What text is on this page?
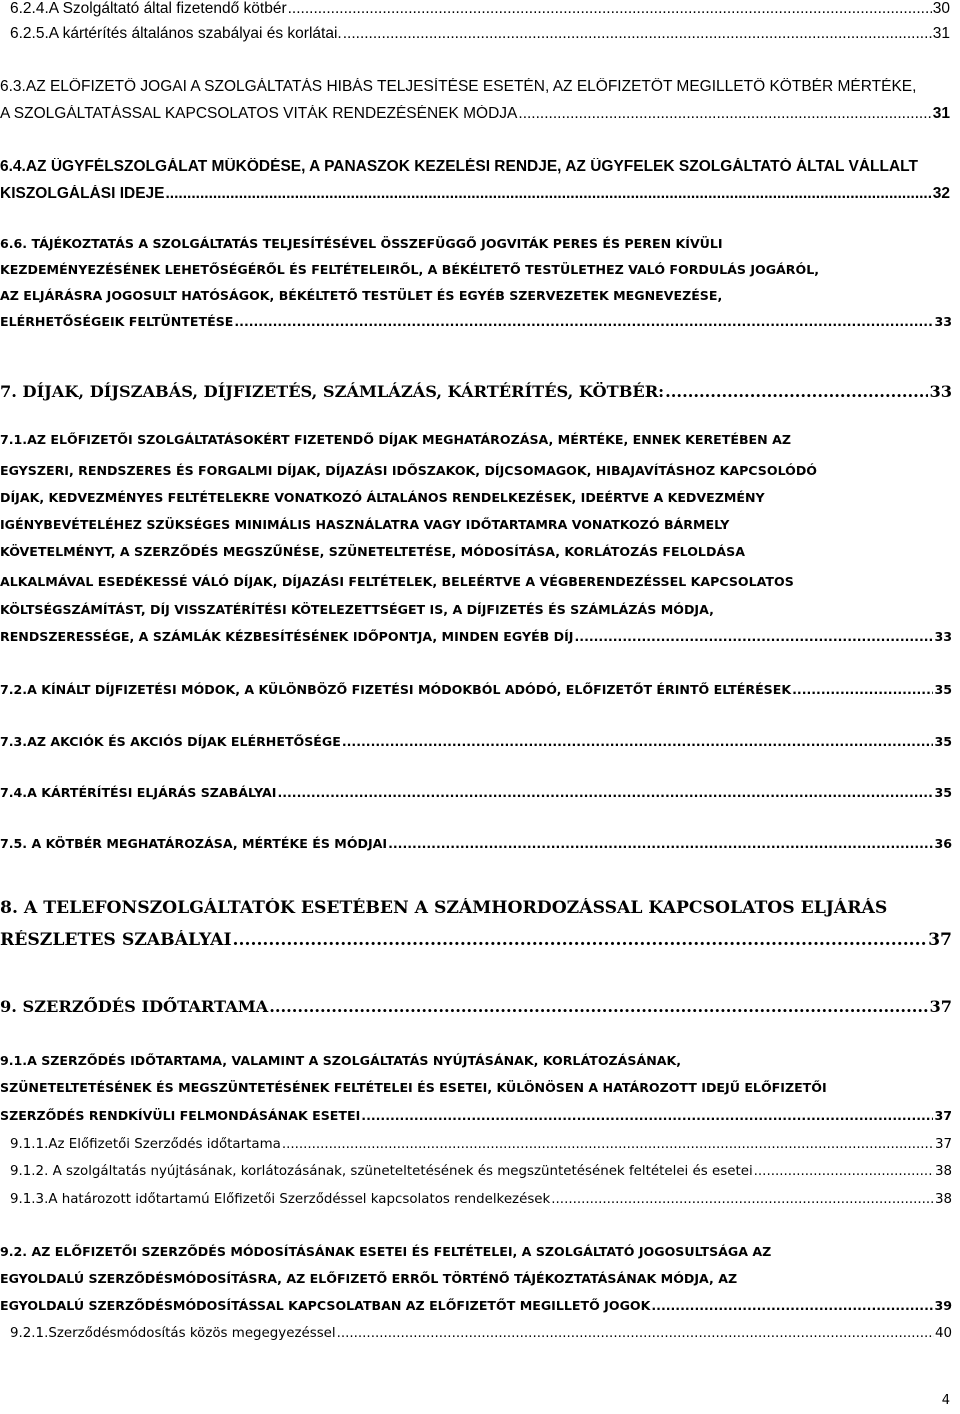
6.2.4.A Szolgáltató által fizetendő kötbér .....	30
6.2.5.A kártérítés általános szabályai és korlátai. .....	31
6.3.AZ ELŐFIZETŐ JOGAI A SZOLGÁLTATÁS HIBÁS TELJESÍTÉSE ESETÉN, AZ ELŐFIZETŐT MEGILLETŐ KÖTBÉR MÉRTÉKE,
A SZOLGÁLTATÁSSAL KAPCSOLATOS VITÁK RENDEZÉSÉNEK MÓDJA .....	31
6.4.AZ ÜGYFÉLSZOLGÁLAT MŰKÖDÉSE, A PANASZOK KEZELÉSI RENDJE, AZ ÜGYFELEK SZOLGÁLTATÓ ÁLTAL VÁLLALT
KISZOLGÁLÁSI IDEJE .....	32
6.6. TÁJÉKOZTATÁS A SZOLGÁLTATÁS TELJESÍTÉSÉVEL ÖSSZEFÜGGŐ JOGVITÁK PERES ÉS PEREN KÍVÜLI
KEZDEMÉNYEZÉSÉNEK LEHETŐSÉGÉRŐL ÉS FELTÉTELEIRŐL, A BÉKÉLTETŐ TESTÜLETHEZ VALÓ FORDULÁS JOGÁRÓL,
AZ ELJÁRÁSRA JOGOSULT HATÓSÁGOK, BÉKÉLTETŐ TESTÜLET ÉS EGYÉB SZERVEZETEK MEGNEVEZÉSE,
ELÉRHETŐSÉGEIK FELTÜNTETÉSE .....	33
7. DÍJAK, DÍJSZABÁS, DÍJFIZETÉS, SZÁMLÁZÁS, KÁRTÉRÍTÉS, KÖTBÉR: .....	33
7.1.AZ ELŐFIZETŐI SZOLGÁLTATÁSOKÉRT FIZETENDŐ DÍJAK MEGHATÁROZÁSA, MÉRTÉKE, ENNEK KERETÉBEN AZ
EGYSZERI, RENDSZERES ÉS FORGALMI DÍJAK, DÍJAZÁSI IDŐSZAKOK, DÍJCSOMAGOK, HIBAJAVÍTÁSHOZ KAPCSOLÓDÓ
DÍJAK, KEDVEZMÉNYES FELTÉTELEKRE VONATKOZÓ ÁLTALÁNOS RENDELKEZÉSEK, IDEÉRTVE A KEDVEZMÉNY
IGÉNYBEVÉTELÉHEZ SZÜKSÉGES MINIMÁLIS HASZNÁLATRA VAGY IDŐTARTAMRA VONATKOZÓ BÁRMELY
KÖVETELMÉNYT, A SZERZŐDÉS MEGSZŰNÉSE, SZÜNETELTETÉSE, MÓDOSÍTÁSA, KORLÁTOZÁS FELOLDÁSA
ALKALMÁVAL ESEDÉKESSÉ VÁLÓ DÍJAK, DÍJAZÁSI FELTÉTELEK, BELEÉRTVE A VÉGBERENDEZÉSSEL KAPCSOLATOS
KÖLTSÉGSZÁMÍTÁST, DÍJ VISSZATÉRÍTÉSI KÖTELEZETTSÉGET IS, A DÍJFIZETÉS ÉS SZÁMLÁZÁS MÓDJA,
RENDSZERESSÉGE, A SZÁMLÁK KÉZBESÍTÉSÉNEK IDŐPONTJA, MINDEN EGYÉB DÍJ .....	33
7.2.A KÍNÁLT DÍJFIZETÉSI MÓDOK, A KÜLÖNBÖZŐ FIZETÉSI MÓDOKBÓL ADÓDÓ, ELŐFIZETŐT ÉRINTŐ ELTÉRÉSEK .....	35
7.3.AZ AKCIÓK ÉS AKCIÓS DÍJAK ELÉRHETŐSÉGE .....	35
7.4.A KÁRTÉRÍTÉSI ELJÁRÁS SZABÁLYAI .....	35
7.5. A KÖTBÉR MEGHATÁROZÁSA, MÉRTÉKE ÉS MÓDJAI .....	36
8. A TELEFONSZOLGÁLTATÓK ESETÉBEN A SZÁMHORDOZÁSSAL KAPCSOLATOS ELJÁRÁS
RÉSZLETES SZABÁLYAI .....	37
9. SZERZŐDÉS IDŐTARTAMA .....	37
9.1.A SZERZŐDÉS IDŐTARTAMA, VALAMINT A SZOLGÁLTATÁS NYÚJTÁSÁNAK, KORLÁTOZÁSÁNAK,
SZÜNETELTETÉSÉNEK ÉS MEGSZÜNTETÉSÉNEK FELTÉTELEI ÉS ESETEI, KÜLÖNÖSEN A HATÁROZOTT IDEJŰ ELŐFIZETŐI
SZERZŐDÉS RENDKÍVÜLI FELMONDÁSÁNAK ESETEI .....	37
9.1.1.Az Előfizetői Szerződés időtartama .....	37
9.1.2. A szolgáltatás nyújtásának, korlátozásának, szüneteltetésének és megszüntetésének feltételei és esetei .....	38
9.1.3.A határozott időtartamú Előfizetői Szerződéssel kapcsolatos rendelkezések .....	38
9.2. AZ ELŐFIZETŐI SZERZŐDÉS MÓDOSÍTÁSÁNAK ESETEI ÉS FELTÉTELEI, A SZOLGÁLTATÓ JOGOSULTSÁGA AZ
EGYOLDALÚ SZERZŐDÉSMÓDOSÍTÁSRA, AZ ELŐFIZETŐ ERRŐL TÖRTÉNŐ TÁJÉKOZTATÁSÁNAK MÓDJA, AZ
EGYOLDALÚ SZERZŐDÉSMÓDOSÍTÁSSAL KAPCSOLATBAN AZ ELŐFIZETŐT MEGILLETŐ JOGOK .....	39
9.2.1.Szerződésmódosítás közös megegyezéssel .....	40
4
